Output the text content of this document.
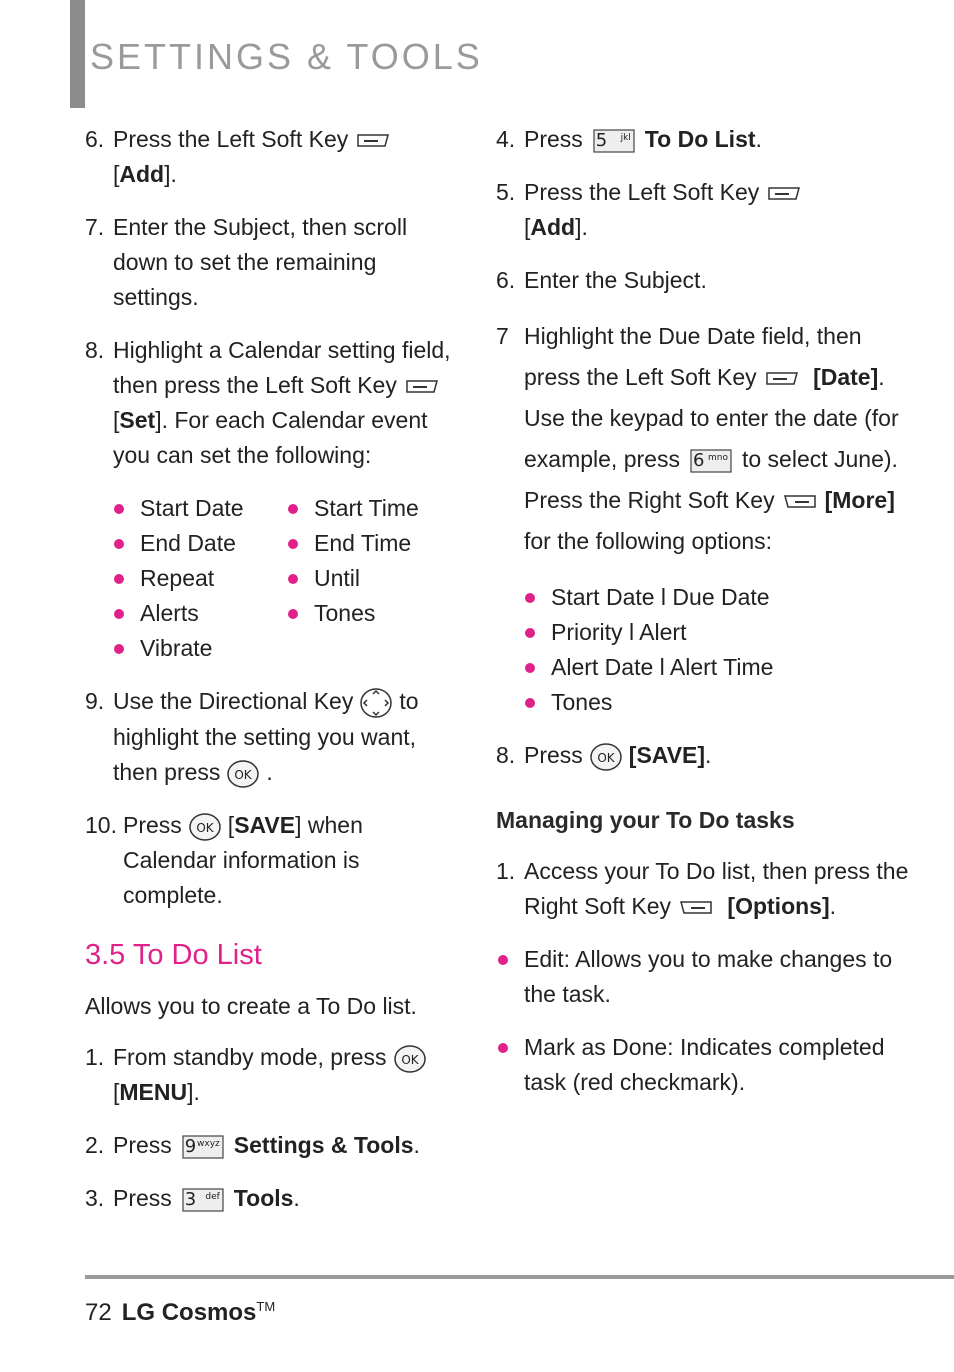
SETTINGS & TOOLS
6. Press the Left Soft Key
[Add].
7. Enter the Subject, then scroll down to set the remaining settings.
8. Highlight a Calendar setting field, then press the Left Soft Key [Set]. For each Calendar event you can set the following:
Start Date
End Date
Repeat
Alerts
Vibrate
Start Time
End Time
Until
Tones
9. Use the Directional Key to highlight the setting you want, then press OK .
10. Press OK [SAVE] when Calendar information is complete.
3.5 To Do List
Allows you to create a To Do list.
1. From standby mode, press OK

[MENU].
2. Press 9 wxyz Settings & Tools.
3. Press 3 def Tools.
4. Press 5 jkl To Do List.
5. Press the Left Soft Key
[Add].
6. Enter the Subject.
7 Highlight the Due Date field, then press the Left Soft Key [Date]. Use the keypad to enter the date (for example, press 6 mno to select June). Press the Right Soft Key [More] for the following options:
Start Date l Due Date
Priority l Alert
Alert Date l Alert Time
Tones
8. Press OK [SAVE].
Managing your To Do tasks
1. Access your To Do list, then press the Right Soft Key [Options].
Edit: Allows you to make changes to the task.
Mark as Done: Indicates completed task (red checkmark).
72 LG Cosmos™
